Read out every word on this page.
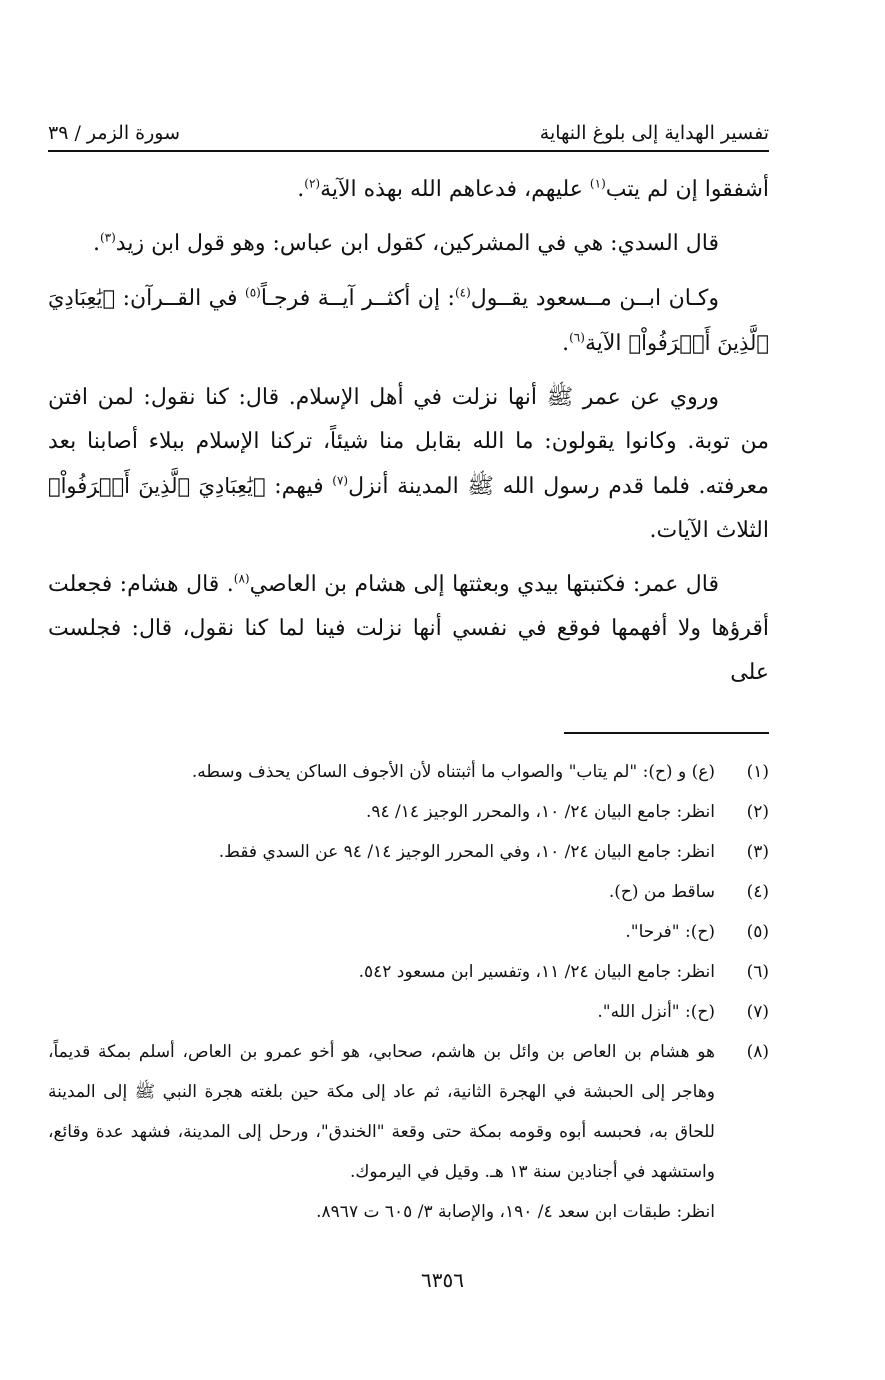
تفسير الهداية إلى بلوغ النهاية
سورة الزمر / ٣٩

أشفقوا إن لم يتب$^{(١)}$ عليهم، فدعاهم الله بهذه الآية$^{(٢)}$.

قال السدي: هي في المشركين، كقول ابن عباس: وهو قول ابن زيد$^{(٣)}$.

وكـان ابــن مــسعود يقــول$^{(٤)}$: إن أكثــر آيــة فرجـاً$^{(٥)}$ في القــرآن: ﴿يَٰعِبَادِيَ ٱلَّذِينَ أَسۡرَفُواْ﴾ الآية$^{(٦)}$.

وروي عن عمر ﷺ أنها نزلت في أهل الإسلام. قال: كنا نقول: لمن افتن من توبة. وكانوا يقولون: ما الله بقابل منا شيئاً، تركنا الإسلام ببلاء أصابنا بعد معرفته. فلما قدم رسول الله ﷺ المدينة أنزل$^{(٧)}$ فيهم: ﴿يَٰعِبَادِيَ ٱلَّذِينَ أَسۡرَفُواْ﴾ الثلاث الآيات.

قال عمر: فكتبتها بيدي وبعثتها إلى هشام بن العاصي$^{(٨)}$. قال هشام: فجعلت أقرؤها ولا أفهمها فوقع في نفسي أنها نزلت فينا لما كنا نقول، قال: فجلست على

(١)
(ع) و (ح): "لم يتاب" والصواب ما أثبتناه لأن الأجوف الساكن يحذف وسطه.
(٢)
انظر: جامع البيان ٢٤/ ١٠، والمحرر الوجيز ١٤/ ٩٤.
(٣)
انظر: جامع البيان ٢٤/ ١٠، وفي المحرر الوجيز ١٤/ ٩٤ عن السدي فقط.
(٤)
ساقط من (ح).
(٥)
(ح): "فرحا".
(٦)
انظر: جامع البيان ٢٤/ ١١، وتفسير ابن مسعود ٥٤٢.
(٧)
(ح): "أنزل الله".
(٨)
هو هشام بن العاص بن وائل بن هاشم، صحابي، هو أخو عمرو بن العاص، أسلم بمكة قديماً، وهاجر إلى الحبشة في الهجرة الثانية، ثم عاد إلى مكة حين بلغته هجرة النبي ﷺ إلى المدينة للحاق به، فحبسه أبوه وقومه بمكة حتى وقعة "الخندق"، ورحل إلى المدينة، فشهد عدة وقائع، واستشهد في أجنادين سنة ١٣ هـ. وقيل في اليرموك.
انظر: طبقات ابن سعد ٤/ ١٩٠، والإصابة ٣/ ٦٠٥ ت ٨٩٦٧.
٦٣٥٦
